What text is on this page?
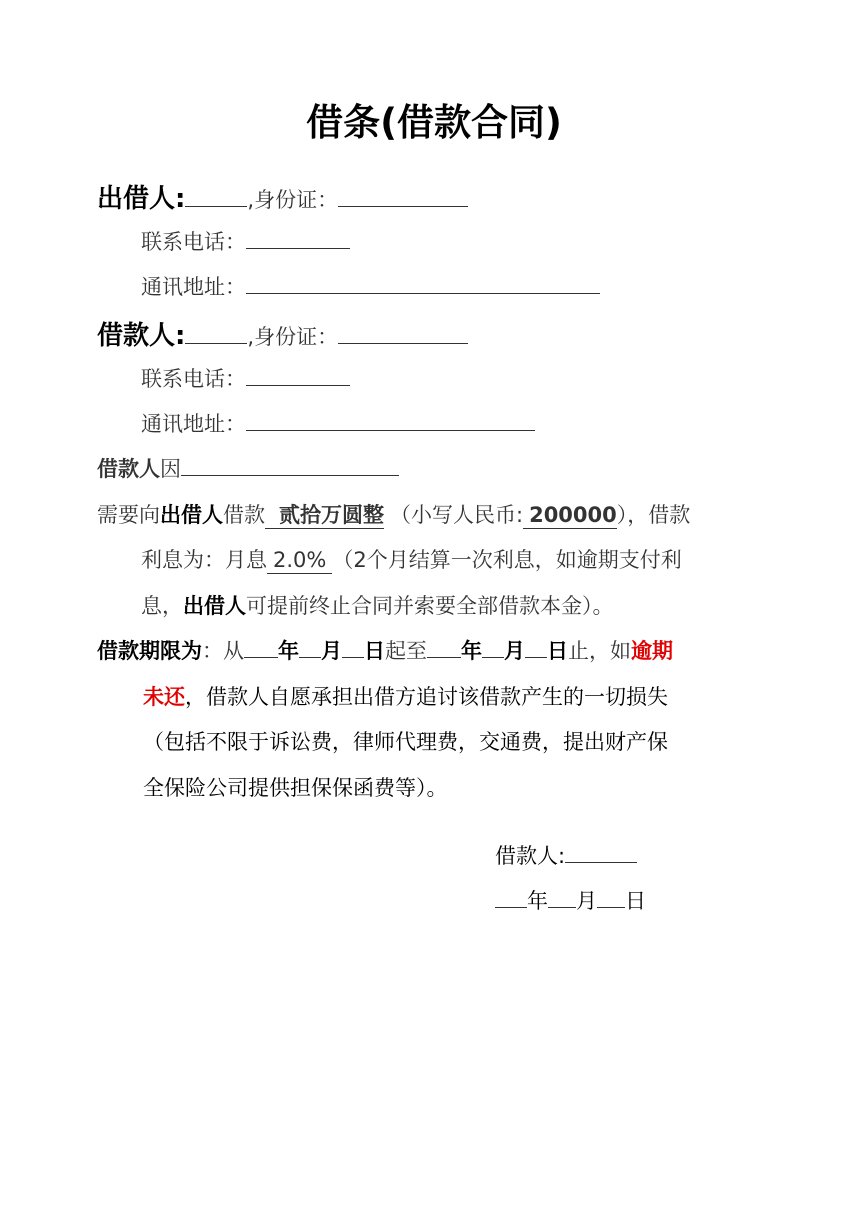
借条(借款合同)
出借人:	,身份证：
联系电话：
通讯地址：
借款人:	,身份证：
联系电话：
通讯地址：
借款人因
需要向出借人借款 贰拾万圆整 （小写人民币: 200000），借款
利息为：月息 2.0% （2个月结算一次利息，如逾期支付利
息，出借人可提前终止合同并索要全部借款本金）。
借款期限为：从 年 月 日起至 年 月 日止，如逾期
未还，借款人自愿承担出借方追讨该借款产生的一切损失
（包括不限于诉讼费，律师代理费，交通费，提出财产保
全保险公司提供担保保函费等）。
借款人:
年 月 日
